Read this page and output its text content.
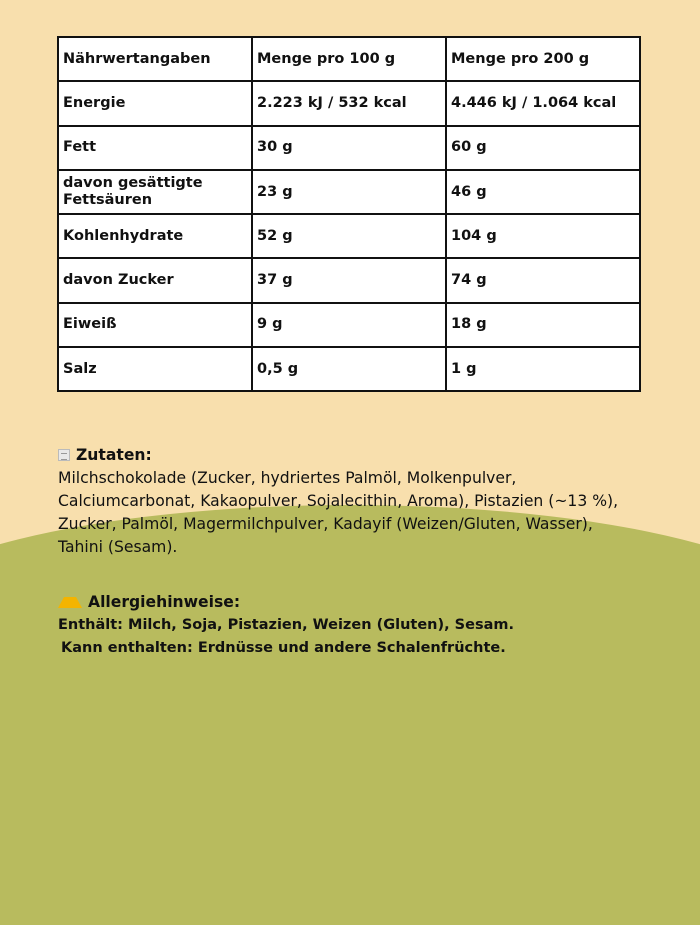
Nährwertangaben	Menge pro 100 g	Menge pro 200 g
Energie	2.223 kJ / 532 kcal	4.446 kJ / 1.064 kcal
Fett	30 g	60 g
davon gesättigte Fettsäuren	23 g	46 g
Kohlenhydrate	52 g	104 g
davon Zucker	37 g	74 g
Eiweiß	9 g	18 g
Salz	0,5 g	1 g
Zutaten:
Milchschokolade (Zucker, hydriertes Palmöl, Molkenpulver,
Calciumcarbonat, Kakaopulver, Sojalecithin, Aroma), Pistazien (~13 %),
Zucker, Palmöl, Magermilchpulver, Kadayif (Weizen/Gluten, Wasser),
Tahini (Sesam).
Allergiehinweise:
Enthält: Milch, Soja, Pistazien, Weizen (Gluten), Sesam.
Kann enthalten: Erdnüsse und andere Schalenfrüchte.
